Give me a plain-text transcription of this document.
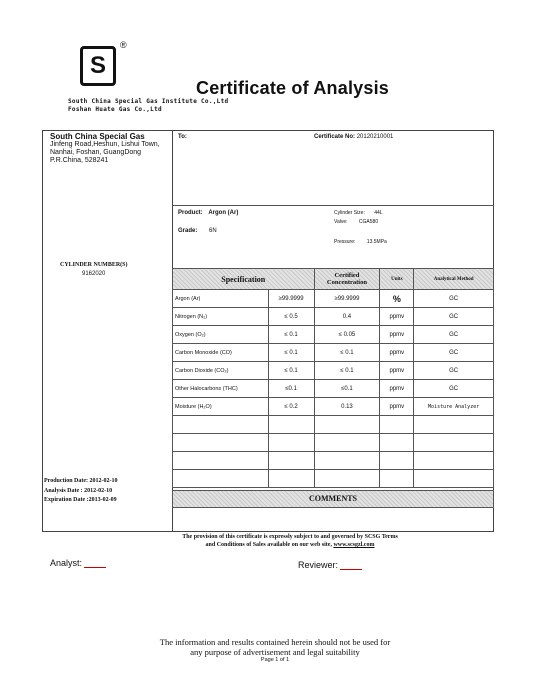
S
®
Certificate of Analysis
South China Special Gas Institute Co.,Ltd
Foshan Huate Gas Co.,Ltd
South China Special Gas
Jinfeng Road,Heshun, Lishui Town,
Nanhai, Foshan, GuangDong
P.R.China, 528241
CYLINDER NUMBER(S)
9162020
Production Date: 2012-02-10
Analysis Date : 2012-02-10
Expiration Date :2013-02-09
To:	Certificate No: 20120210001
Product: Argon (Ar)
Grade: 6N
Cylinder Size: 44L
Valve: CGA580
Pressure: 13.5MPa
Specification		Certified Concentration	Units	Analytical Method
Argon (Ar)	≥99.9999	≥99.9999	%	GC
Nitrogen (N₂)	≤ 0.5	0.4	ppmv	GC
Oxygen (O₂)	≤ 0.1	≤ 0.05	ppmv	GC
Carbon Monoxide (CO)	≤ 0.1	≤ 0.1	ppmv	GC
Carbon Dioxide (CO₂)	≤ 0.1	≤ 0.1	ppmv	GC
Other Halocarbons (THC)	≤0.1	≤0.1	ppmv	GC
Moisture (H₂O)	≤ 0.2	0.13	ppmv	Moisture Analyzer

COMMENTS
The provision of this certificate is expressly subject to and governed by SCSG Terms
and Conditions of Sales available on our web site, www.scsgzl.com
Analyst:	Reviewer:
The information and results contained herein should not be used for
any purpose of advertisement and legal suitability
Page 1 of 1
